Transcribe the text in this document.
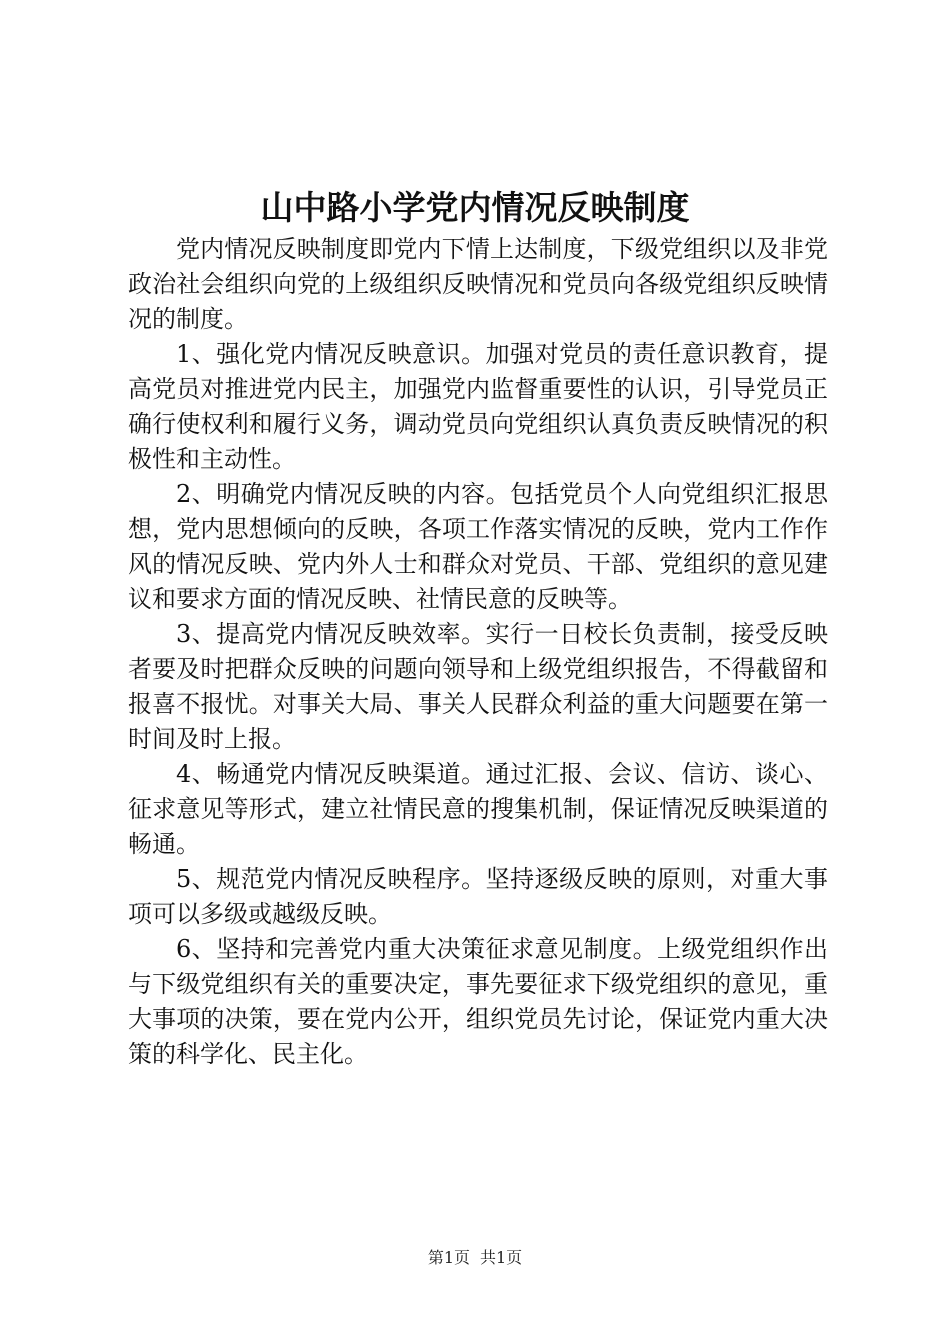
山中路小学党内情况反映制度

党内情况反映制度即党内下情上达制度，下级党组织以及非党政治社会组织向党的上级组织反映情况和党员向各级党组织反映情况的制度。

1、强化党内情况反映意识。加强对党员的责任意识教育，提高党员对推进党内民主，加强党内监督重要性的认识，引导党员正确行使权利和履行义务，调动党员向党组织认真负责反映情况的积极性和主动性。

2、明确党内情况反映的内容。包括党员个人向党组织汇报思想，党内思想倾向的反映，各项工作落实情况的反映，党内工作作风的情况反映、党内外人士和群众对党员、干部、党组织的意见建议和要求方面的情况反映、社情民意的反映等。

3、提高党内情况反映效率。实行一日校长负责制，接受反映者要及时把群众反映的问题向领导和上级党组织报告，不得截留和报喜不报忧。对事关大局、事关人民群众利益的重大问题要在第一时间及时上报。

4、畅通党内情况反映渠道。通过汇报、会议、信访、谈心、征求意见等形式，建立社情民意的搜集机制，保证情况反映渠道的畅通。

5、规范党内情况反映程序。坚持逐级反映的原则，对重大事项可以多级或越级反映。

6、坚持和完善党内重大决策征求意见制度。上级党组织作出与下级党组织有关的重要决定，事先要征求下级党组织的意见，重大事项的决策，要在党内公开，组织党员先讨论，保证党内重大决策的科学化、民主化。

第1页 共1页
